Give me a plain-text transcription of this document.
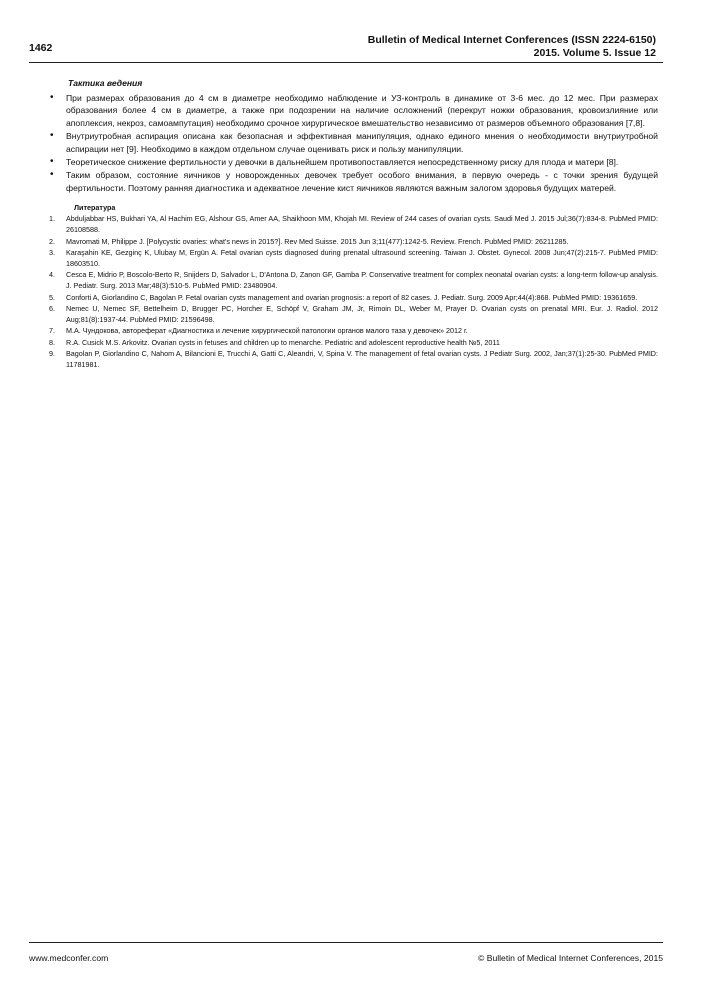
1462
Bulletin of Medical Internet Conferences (ISSN 2224-6150)
2015. Volume 5. Issue 12
Тактика ведения
• При размерах образования до 4 см в диаметре необходимо наблюдение и УЗ-контроль в динамике от 3-6 мес. до 12 мес. При размерах образования более 4 см в диаметре, а также при подозрении на наличие осложнений (перекрут ножки образования, кровоизлияние или апоплексия, некроз, самоампутация) необходимо срочное хирургическое вмешательство независимо от размеров объемного образования [7,8].
• Внутриутробная аспирация описана как безопасная и эффективная манипуляция, однако единого мнения о необходимости внутриутробной аспирации нет [9]. Необходимо в каждом отдельном случае оценивать риск и пользу манипуляции.
• Теоретическое снижение фертильности у девочки в дальнейшем противопоставляется непосредственному риску для плода и матери [8].
• Таким образом, состояние яичников у новорожденных девочек требует особого внимания, в первую очередь - с точки зрения будущей фертильности. Поэтому ранняя диагностика и адекватное лечение кист яичников являются важным залогом здоровья будущих матерей.
Литература
1. Abduljabbar HS, Bukhari YA, Al Hachim EG, Alshour GS, Amer AA, Shaikhoon MM, Khojah MI. Review of 244 cases of ovarian cysts. Saudi Med J. 2015 Jul;36(7):834-8. PubMed PMID: 26108588.
2. Mavromati M, Philippe J. [Polycystic ovaries: what's news in 2015?]. Rev Med Suisse. 2015 Jun 3;11(477):1242-5. Review. French. PubMed PMID: 26211285.
3. Karaşahin KE, Gezginç K, Ulubay M, Ergün A. Fetal ovarian cysts diagnosed during prenatal ultrasound screening. Taiwan J. Obstet. Gynecol. 2008 Jun;47(2):215-7. PubMed PMID: 18603510.
4. Cesca E, Midrio P, Boscolo-Berto R, Snijders D, Salvador L, D'Antona D, Zanon GF, Gamba P. Conservative treatment for complex neonatal ovarian cysts: a long-term follow-up analysis. J. Pediatr. Surg. 2013 Mar;48(3):510-5. PubMed PMID: 23480904.
5. Conforti A, Giorlandino C, Bagolan P. Fetal ovarian cysts management and ovarian prognosis: a report of 82 cases. J. Pediatr. Surg. 2009 Apr;44(4):868. PubMed PMID: 19361659.
6. Nemec U, Nemec SF, Bettelheim D, Brugger PC, Horcher E, Schöpf V, Graham JM, Jr, Rimoin DL, Weber M, Prayer D. Ovarian cysts on prenatal MRI. Eur. J. Radiol. 2012 Aug;81(8):1937-44. PubMed PMID: 21596498.
7. М.А. Чундокова, автореферат «Диагностика и лечение хирургической патологии органов малого таза у девочек» 2012 г.
8. R.A. Cusick M.S. Arkovitz. Ovarian cysts in fetuses and children up to menarche. Pediatric and adolescent reproductive health №5, 2011
9. Bagolan P, Giorlandino C, Nahom A, Bilancioni E, Trucchi A, Gatti C, Aleandri, V, Spina V. The management of fetal ovarian cysts. J Pediatr Surg. 2002, Jan;37(1):25-30. PubMed PMID: 11781981.
www.medconfer.com	© Bulletin of Medical Internet Conferences, 2015
